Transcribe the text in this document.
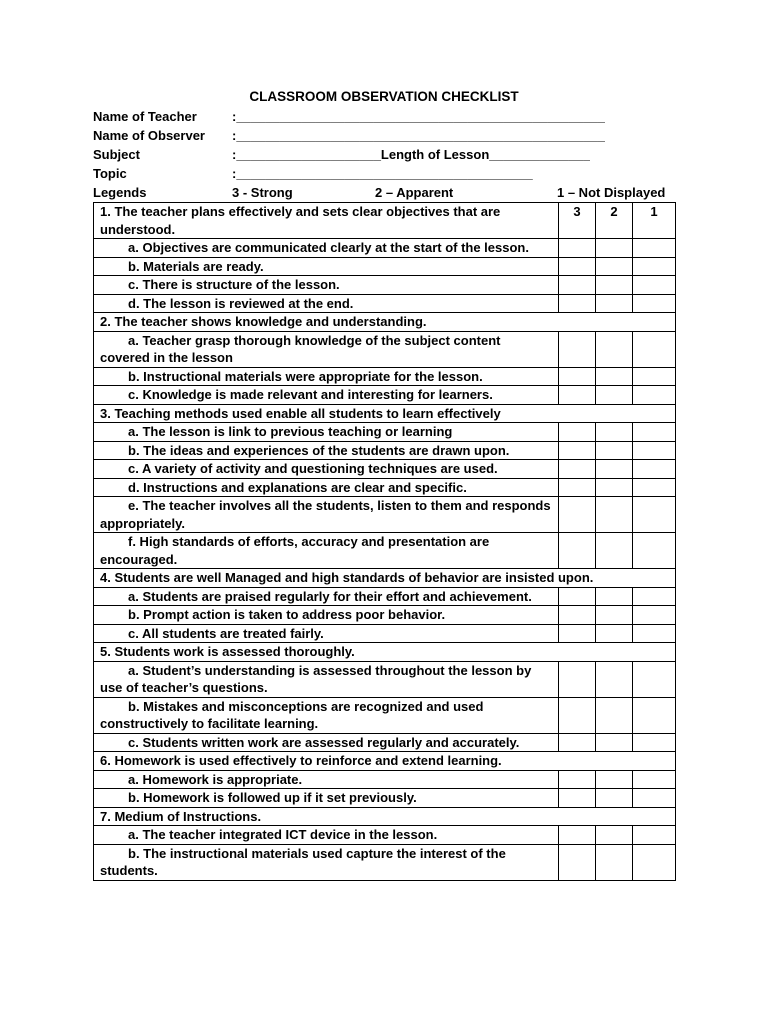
CLASSROOM OBSERVATION CHECKLIST
Name of Teacher	:___________________________________________________
Name of Observer	:___________________________________________________
Subject	:____________________Length of Lesson______________
Topic	:_________________________________________
Legends	3 - Strong	2 – Apparent	1 – Not Displayed
1. The teacher plans effectively and sets clear objectives that are understood.	3	2	1
a. Objectives are communicated clearly at the start of the lesson.			
b. Materials are ready.			
c. There is structure of the lesson.			
d. The lesson is reviewed at the end.			
2. The teacher shows knowledge and understanding.			
a. Teacher grasp thorough knowledge of the subject content covered in the lesson			
b. Instructional materials were appropriate for the lesson.			
c. Knowledge is made relevant and interesting for learners.			
3. Teaching methods used enable all students to learn effectively			
a. The lesson is link to previous teaching or learning			
b. The ideas and experiences of the students are drawn upon.			
c. A variety of activity and questioning techniques are used.			
d. Instructions and explanations are clear and specific.			
e. The teacher involves all the students, listen to them and responds appropriately.			
f. High standards of efforts, accuracy and presentation are encouraged.			
4. Students are well Managed and high standards of behavior are insisted upon.			
a. Students are praised regularly for their effort and achievement.			
b. Prompt action is taken to address poor behavior.			
c. All students are treated fairly.			
5. Students work is assessed thoroughly.			
a. Student’s understanding is assessed throughout the lesson by use of teacher’s questions.			
b. Mistakes and misconceptions are recognized and used constructively to facilitate learning.			
c. Students written work are assessed regularly and accurately.			
6. Homework is used effectively to reinforce and extend learning.			
a. Homework is appropriate.			
b. Homework is followed up if it set previously.			
7. Medium of Instructions.			
a. The teacher integrated ICT device in the lesson.			
b. The instructional materials used capture the interest of the students.			
